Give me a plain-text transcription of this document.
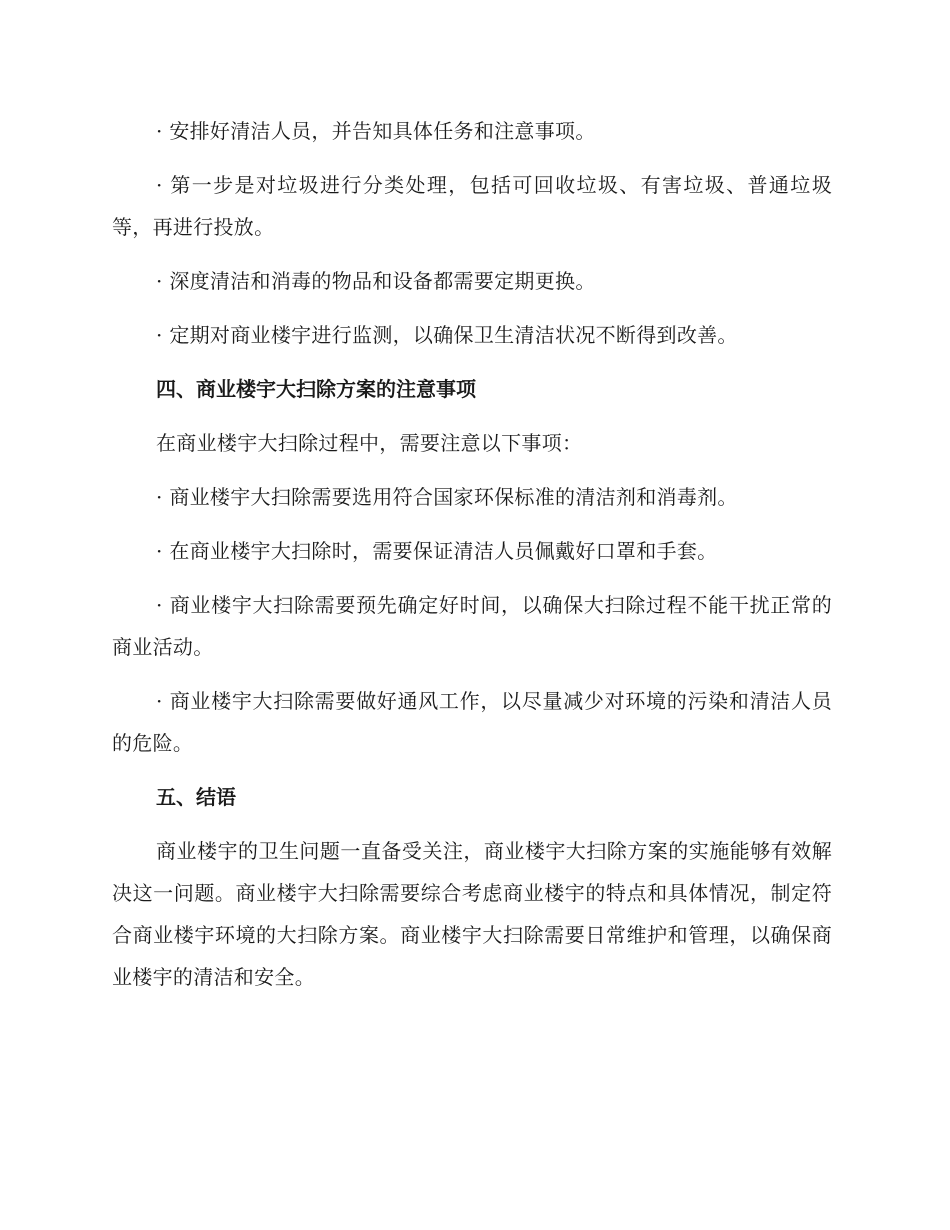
· 安排好清洁人员，并告知具体任务和注意事项。

· 第一步是对垃圾进行分类处理，包括可回收垃圾、有害垃圾、普通垃圾等，再进行投放。

· 深度清洁和消毒的物品和设备都需要定期更换。

· 定期对商业楼宇进行监测，以确保卫生清洁状况不断得到改善。

四、商业楼宇大扫除方案的注意事项

在商业楼宇大扫除过程中，需要注意以下事项：

· 商业楼宇大扫除需要选用符合国家环保标准的清洁剂和消毒剂。

· 在商业楼宇大扫除时，需要保证清洁人员佩戴好口罩和手套。

· 商业楼宇大扫除需要预先确定好时间，以确保大扫除过程不能干扰正常的商业活动。

· 商业楼宇大扫除需要做好通风工作，以尽量减少对环境的污染和清洁人员的危险。

五、结语

商业楼宇的卫生问题一直备受关注，商业楼宇大扫除方案的实施能够有效解决这一问题。商业楼宇大扫除需要综合考虑商业楼宇的特点和具体情况，制定符合商业楼宇环境的大扫除方案。商业楼宇大扫除需要日常维护和管理，以确保商业楼宇的清洁和安全。
